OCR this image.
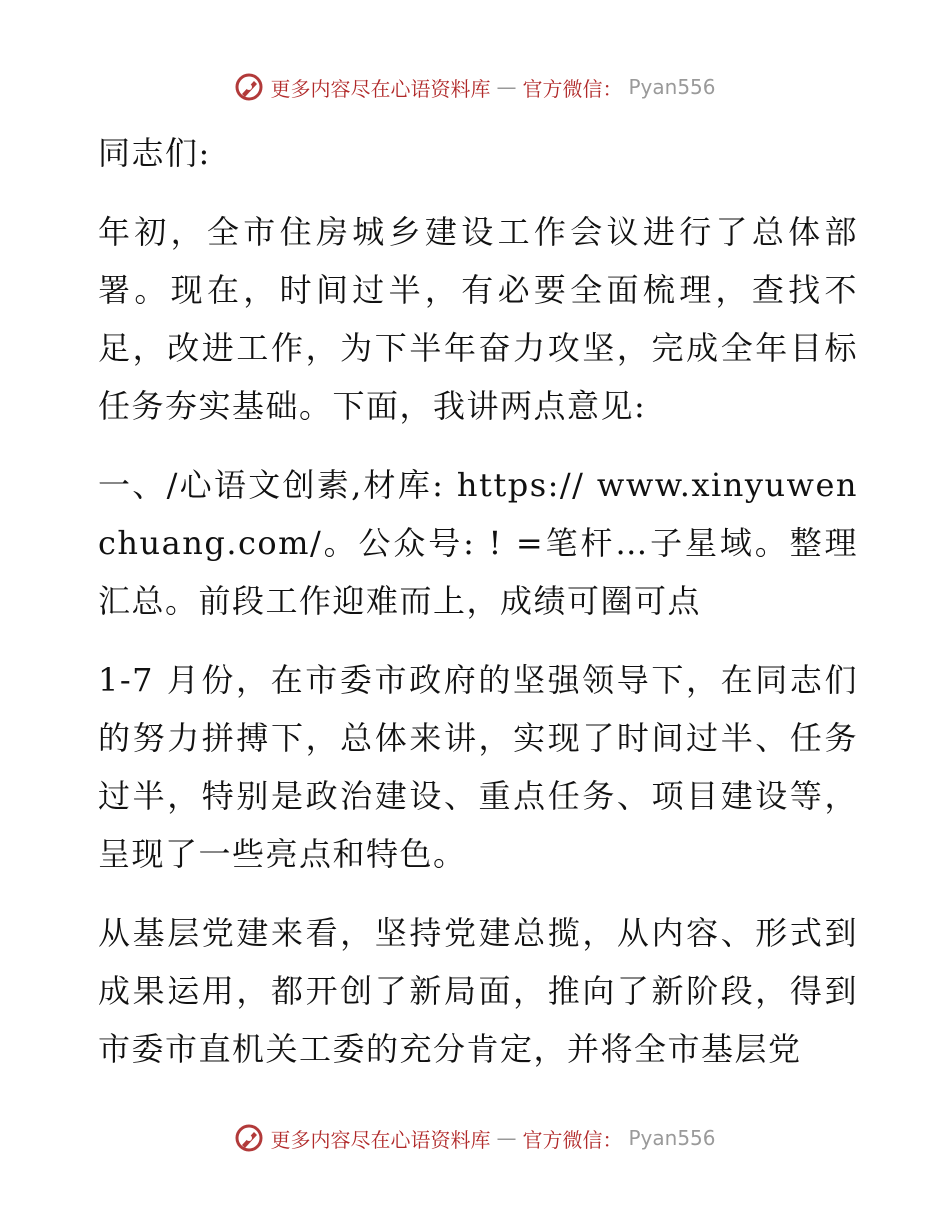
更多内容尽在心语资料库 — 官方微信： Pyan556

同志们:

年初，全市住房城乡建设工作会议进行了总体部署。现在，时间过半，有必要全面梳理，查找不足，改进工作，为下半年奋力攻坚，完成全年目标任务夯实基础。下面，我讲两点意见:

一、/心语文创素,材库: https:// www.xinyuwenchuang.com/。公众号: ! =笔杆…子星域。整理汇总。前段工作迎难而上，成绩可圈可点

1-7 月份，在市委市政府的坚强领导下，在同志们的努力拼搏下，总体来讲，实现了时间过半、任务过半，特别是政治建设、重点任务、项目建设等，呈现了一些亮点和特色。

从基层党建来看，坚持党建总揽，从内容、形式到成果运用，都开创了新局面，推向了新阶段，得到市委市直机关工委的充分肯定，并将全市基层党

更多内容尽在心语资料库 — 官方微信： Pyan556
